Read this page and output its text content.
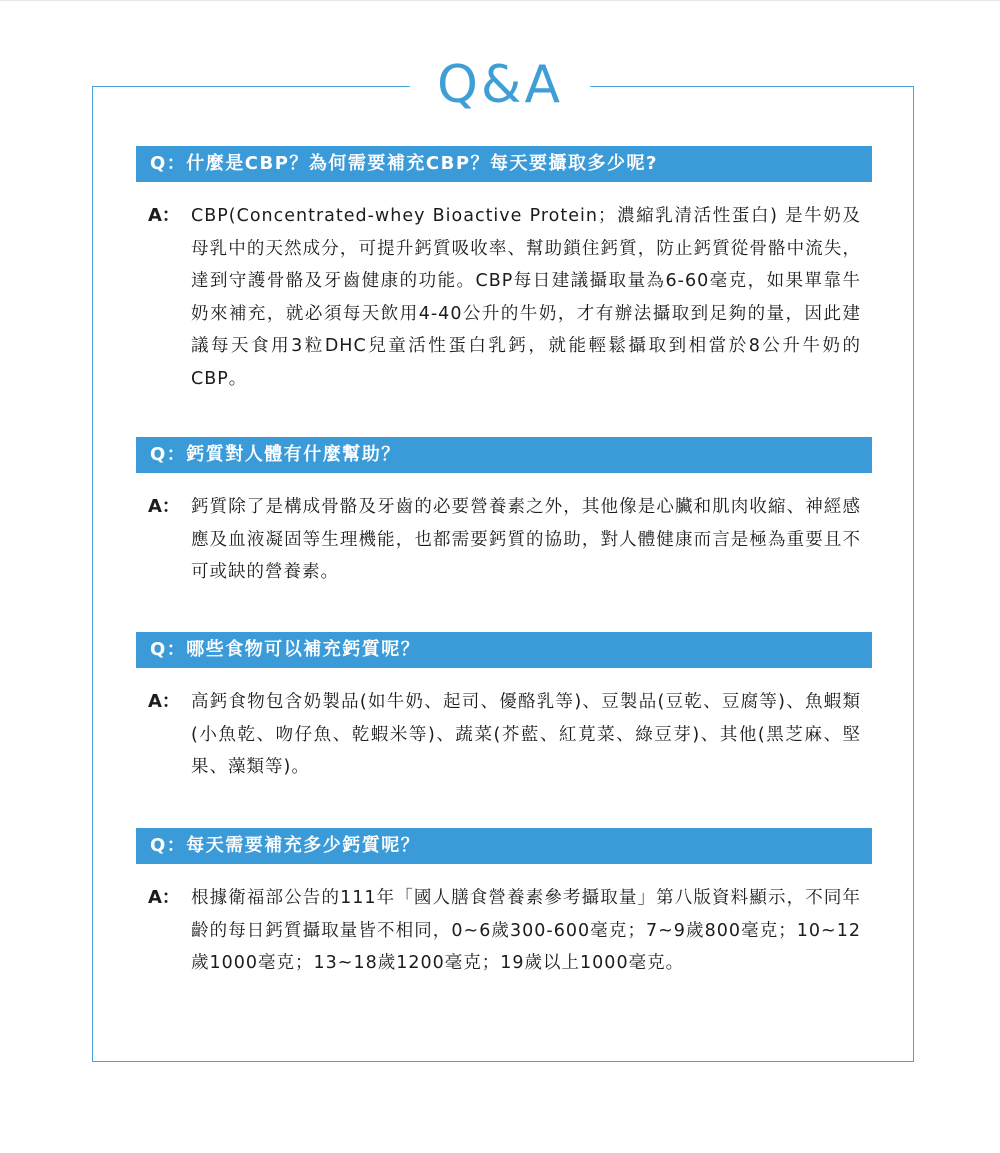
Q&A
Q：什麼是CBP？為何需要補充CBP？每天要攝取多少呢?
A： CBP(Concentrated-whey Bioactive Protein；濃縮乳清活性蛋白) 是牛奶及母乳中的天然成分，可提升鈣質吸收率、幫助鎖住鈣質，防止鈣質從骨骼中流失，達到守護骨骼及牙齒健康的功能。CBP每日建議攝取量為6-60毫克，如果單靠牛奶來補充，就必須每天飲用4-40公升的牛奶，才有辦法攝取到足夠的量，因此建議每天食用3粒DHC兒童活性蛋白乳鈣，就能輕鬆攝取到相當於8公升牛奶的CBP。
Q：鈣質對人體有什麼幫助？
A： 鈣質除了是構成骨骼及牙齒的必要營養素之外，其他像是心臟和肌肉收縮、神經感應及血液凝固等生理機能，也都需要鈣質的協助，對人體健康而言是極為重要且不可或缺的營養素。
Q：哪些食物可以補充鈣質呢？
A： 高鈣食物包含奶製品(如牛奶、起司、優酪乳等)、豆製品(豆乾、豆腐等)、魚蝦類(小魚乾、吻仔魚、乾蝦米等)、蔬菜(芥藍、紅莧菜、綠豆芽)、其他(黑芝麻、堅果、藻類等)。
Q：每天需要補充多少鈣質呢？
A： 根據衛福部公告的111年「國人膳食營養素參考攝取量」第八版資料顯示，不同年齡的每日鈣質攝取量皆不相同，0~6歲300-600毫克；7~9歲800毫克；10~12歲1000毫克；13~18歲1200毫克；19歲以上1000毫克。
